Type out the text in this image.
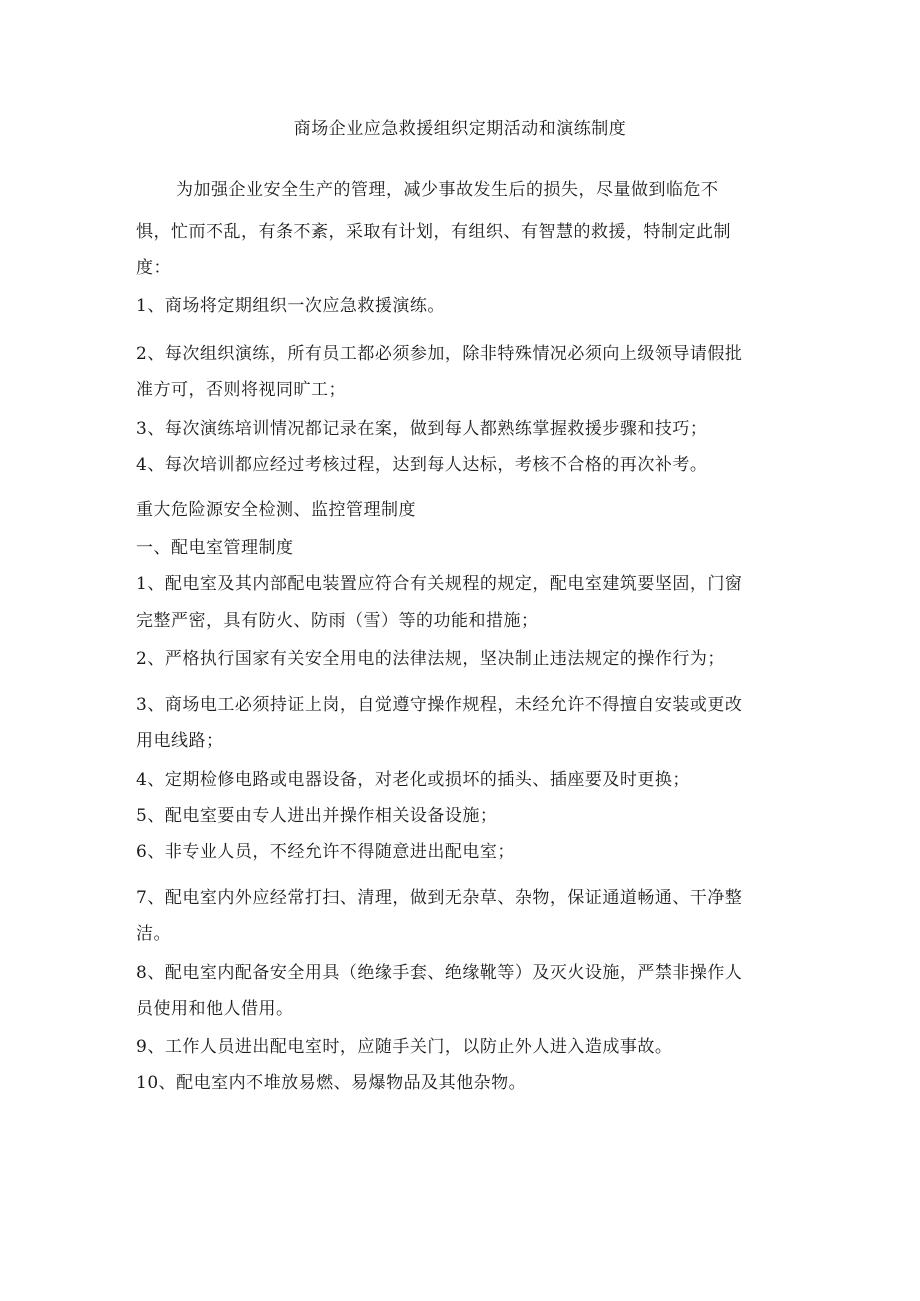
商场企业应急救援组织定期活动和演练制度
为加强企业安全生产的管理，减少事故发生后的损失，尽量做到临危不
惧，忙而不乱，有条不紊，采取有计划，有组织、有智慧的救援，特制定此制
度：
1、商场将定期组织一次应急救援演练。
2、每次组织演练，所有员工都必须参加，除非特殊情况必须向上级领导请假批
准方可，否则将视同旷工；
3、每次演练培训情况都记录在案，做到每人都熟练掌握救援步骤和技巧；
4、每次培训都应经过考核过程，达到每人达标，考核不合格的再次补考。
重大危险源安全检测、监控管理制度
一、配电室管理制度
1、配电室及其内部配电装置应符合有关规程的规定，配电室建筑要坚固，门窗
完整严密，具有防火、防雨（雪）等的功能和措施；
2、严格执行国家有关安全用电的法律法规，坚决制止违法规定的操作行为；
3、商场电工必须持证上岗，自觉遵守操作规程，未经允许不得擅自安装或更改
用电线路；
4、定期检修电路或电器设备，对老化或损坏的插头、插座要及时更换；
5、配电室要由专人进出并操作相关设备设施；
6、非专业人员，不经允许不得随意进出配电室；
7、配电室内外应经常打扫、清理，做到无杂草、杂物，保证通道畅通、干净整
洁。
8、配电室内配备安全用具（绝缘手套、绝缘靴等）及灭火设施，严禁非操作人
员使用和他人借用。
9、工作人员进出配电室时，应随手关门，以防止外人进入造成事故。
10、配电室内不堆放易燃、易爆物品及其他杂物。
